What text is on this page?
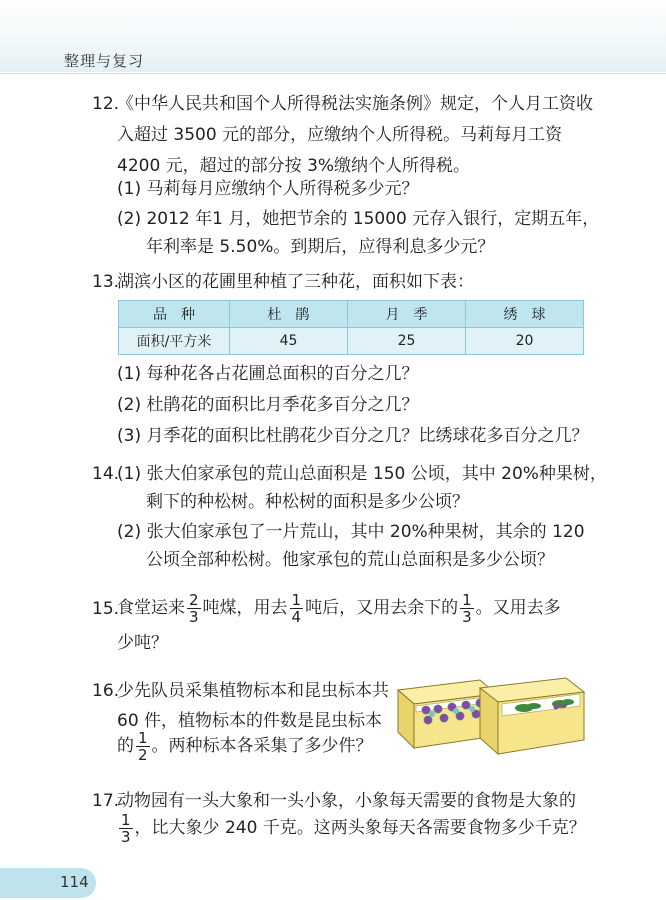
整理与复习
12.
《中华人民共和国个人所得税法实施条例》规定，个人月工资收
入超过 3500 元的部分，应缴纳个人所得税。马莉每月工资
4200 元，超过的部分按 3%缴纳个人所得税。
(1) 马莉每月应缴纳个人所得税多少元？
(2) 2012 年1 月，她把节余的 15000 元存入银行，定期五年，
年利率是 5.50%。到期后，应得利息多少元？
13.
湖滨小区的花圃里种植了三种花，面积如下表：
品　种	杜　鹃	月　季	绣　球
面积/平方米	45	25	20
(1) 每种花各占花圃总面积的百分之几？
(2) 杜鹃花的面积比月季花多百分之几？
(3) 月季花的面积比杜鹃花少百分之几？比绣球花多百分之几？
14.
(1) 张大伯家承包的荒山总面积是 150 公顷，其中 20%种果树，
剩下的种松树。种松树的面积是多少公顷？
(2) 张大伯家承包了一片荒山，其中 20%种果树，其余的 120
公顷全部种松树。他家承包的荒山总面积是多少公顷？
15.
食堂运来 $\frac{2}{3}$ 吨煤，用去 $\frac{1}{4}$ 吨后，又用去余下的 $\frac{1}{3}$ 。又用去多
少吨？
16.
少先队员采集植物标本和昆虫标本共
60 件，植物标本的件数是昆虫标本
的 $\frac{1}{2}$ 。两种标本各采集了多少件？
17.
动物园有一头大象和一头小象，小象每天需要的食物是大象的
$\frac{1}{3}$ ，比大象少 240 千克。这两头象每天各需要食物多少千克？
114
